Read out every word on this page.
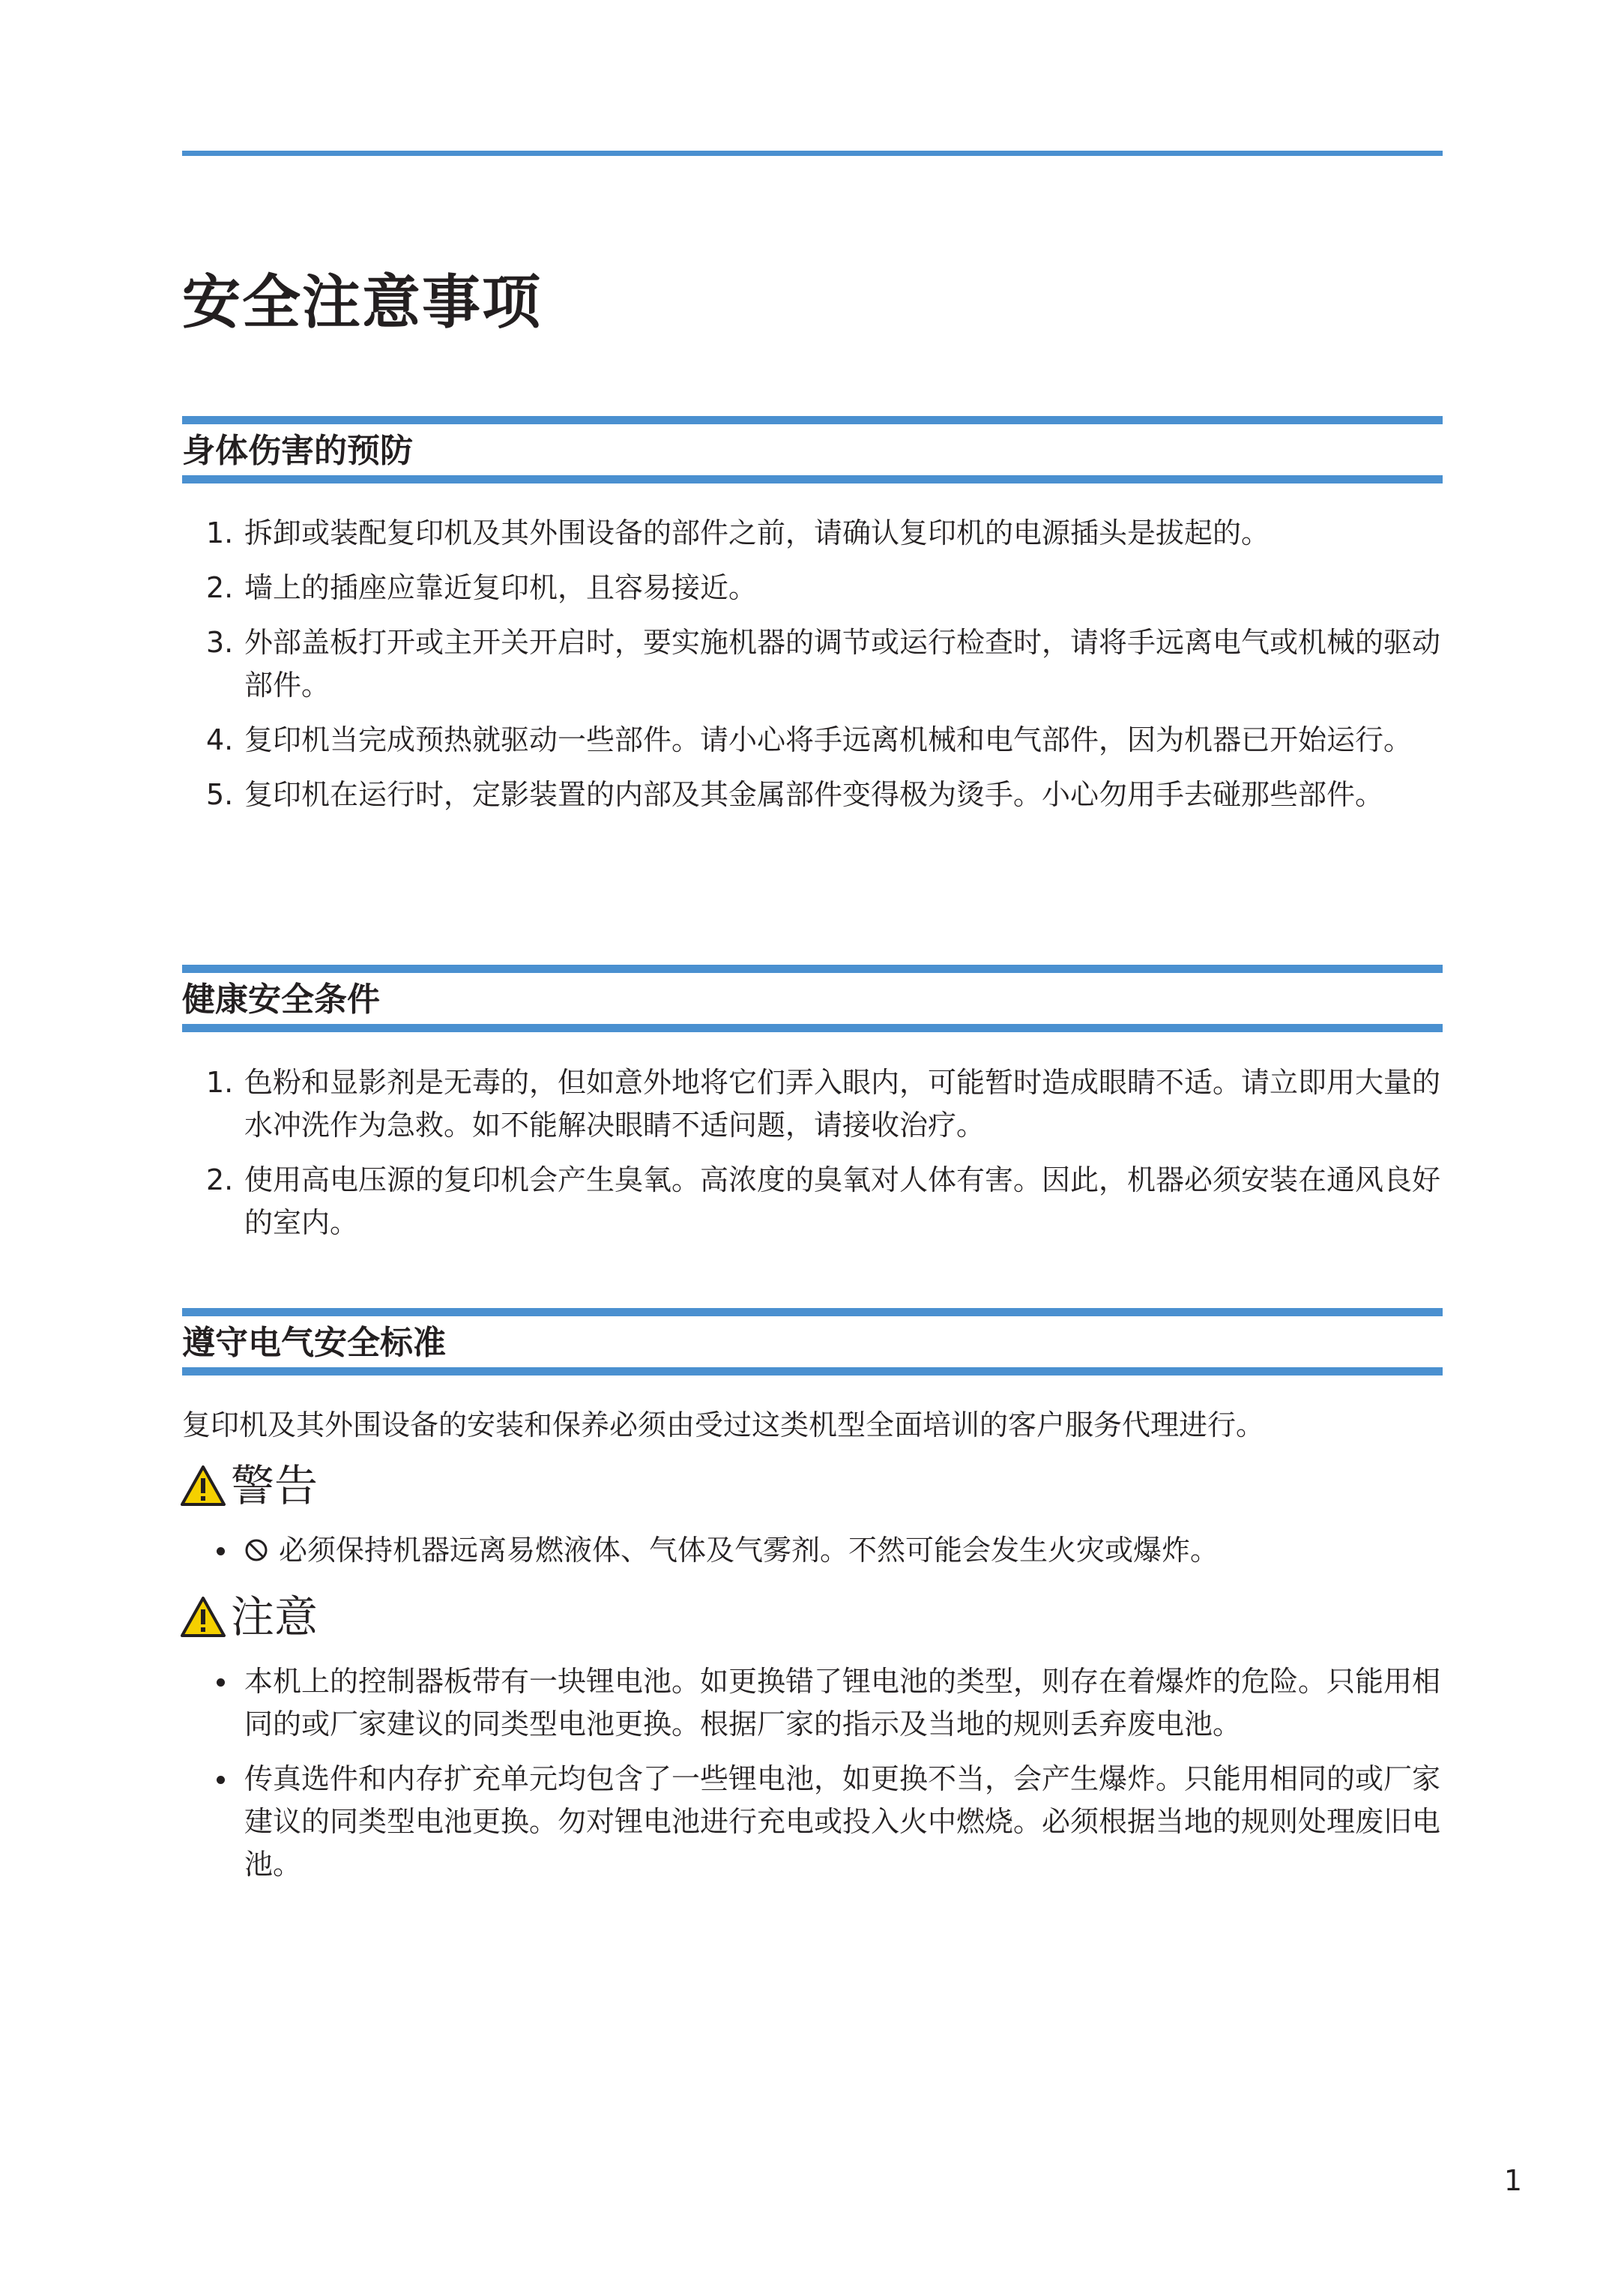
安全注意事项
身体伤害的预防
1. 拆卸或装配复印机及其外围设备的部件之前，请确认复印机的电源插头是拔起的。
2. 墙上的插座应靠近复印机，且容易接近。
3. 外部盖板打开或主开关开启时，要实施机器的调节或运行检查时，请将手远离电气或机械的驱动部件。
4. 复印机当完成预热就驱动一些部件。请小心将手远离机械和电气部件，因为机器已开始运行。
5. 复印机在运行时，定影装置的内部及其金属部件变得极为烫手。小心勿用手去碰那些部件。
健康安全条件
1. 色粉和显影剂是无毒的，但如意外地将它们弄入眼内，可能暂时造成眼睛不适。请立即用大量的水冲洗作为急救。如不能解决眼睛不适问题，请接收治疗。
2. 使用高电压源的复印机会产生臭氧。高浓度的臭氧对人体有害。因此，机器必须安装在通风良好的室内。
遵守电气安全标准

复印机及其外围设备的安装和保养必须由受过这类机型全面培训的客户服务代理进行。

警告
必须保持机器远离易燃液体、气体及气雾剂。不然可能会发生火灾或爆炸。
注意
本机上的控制器板带有一块锂电池。如更换错了锂电池的类型，则存在着爆炸的危险。只能用相同的或厂家建议的同类型电池更换。根据厂家的指示及当地的规则丢弃废电池。
传真选件和内存扩充单元均包含了一些锂电池，如更换不当，会产生爆炸。只能用相同的或厂家建议的同类型电池更换。勿对锂电池进行充电或投入火中燃烧。必须根据当地的规则处理废旧电池。
1
